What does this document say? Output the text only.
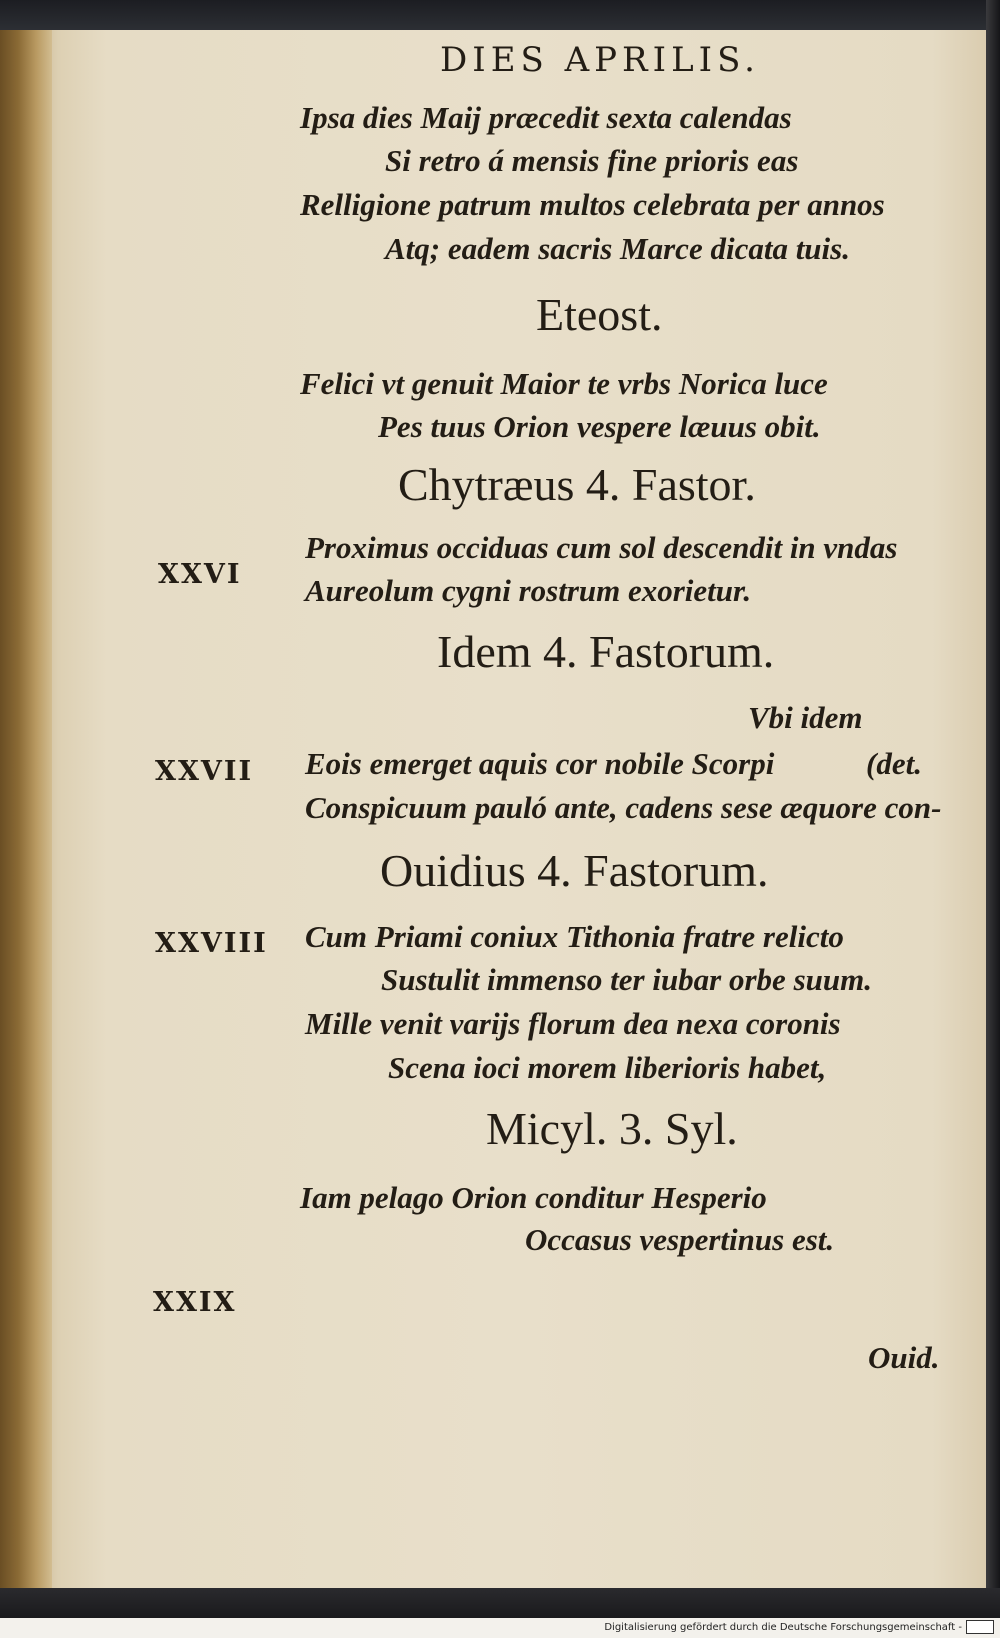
DIES APRILIS.

Ipsa dies Maij præcedit sexta calendas

Si retro á mensis fine prioris eas

Relligione patrum multos celebrata per annos

Atq; eadem sacris Marce dicata tuis.

Eteost.

Felici vt genuit Maior te vrbs Norica luce

Pes tuus Orion vespere læuus obit.

Chytræus 4. Fastor.

XXVI

Proximus occiduas cum sol descendit in vndas

Aureolum cygni rostrum exorietur.

Idem 4. Fastorum.

Vbi idem

XXVII Eois emerget aquis cor nobile Scorpi	(det.

Conspicuum pauló ante, cadens sese æquore con-

Ouidius 4. Fastorum.

XXVIII Cum Priami coniux Tithonia fratre relicto

Sustulit immenso ter iubar orbe suum.

Mille venit varijs florum dea nexa coronis

Scena ioci morem liberioris habet,

Micyl. 3. Syl.

Iam pelago Orion conditur Hesperio

Occasus vespertinus est.

XXIX

Ouid.

Digitalisierung gefördert durch die Deutsche Forschungsgemeinschaft -
